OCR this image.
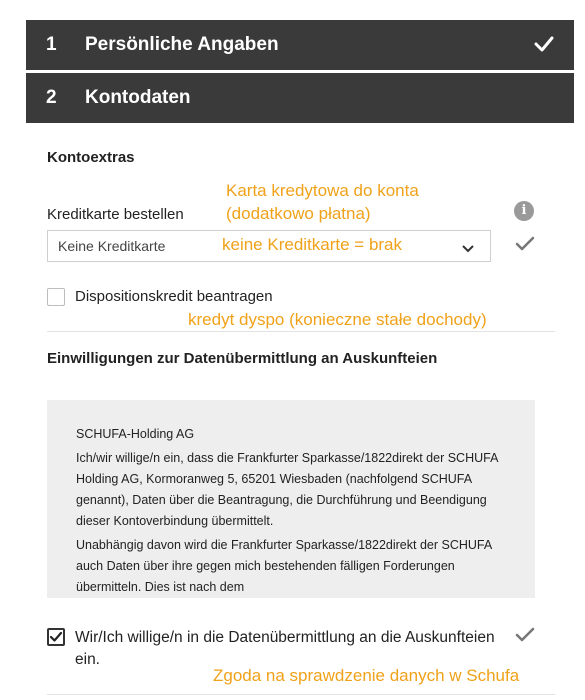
1 Persönliche Angaben
2 Kontodaten
Kontoextras
Karta kredytowa do konta
(dodatkowo płatna)
Kreditkarte bestellen	i
Keine Kreditkarte	keine Kreditkarte = brak
Dispositionskredit beantragen
kredyt dyspo (konieczne stałe dochody)
Einwilligungen zur Datenübermittlung an Auskunfteien

SCHUFA-Holding AG

Ich/wir willige/n ein, dass die Frankfurter Sparkasse/1822direkt der SCHUFA Holding AG, Kormoranweg 5, 65201 Wiesbaden (nachfolgend SCHUFA genannt), Daten über die Beantragung, die Durchführung und Beendigung dieser Kontoverbindung übermittelt.

Unabhängig davon wird die Frankfurter Sparkasse/1822direkt der SCHUFA auch Daten über ihre gegen mich bestehenden fälligen Forderungen übermitteln. Dies ist nach dem

Wir/Ich willige/n in die Datenübermittlung an die Auskunfteien ein.
Zgoda na sprawdzenie danych w Schufa
